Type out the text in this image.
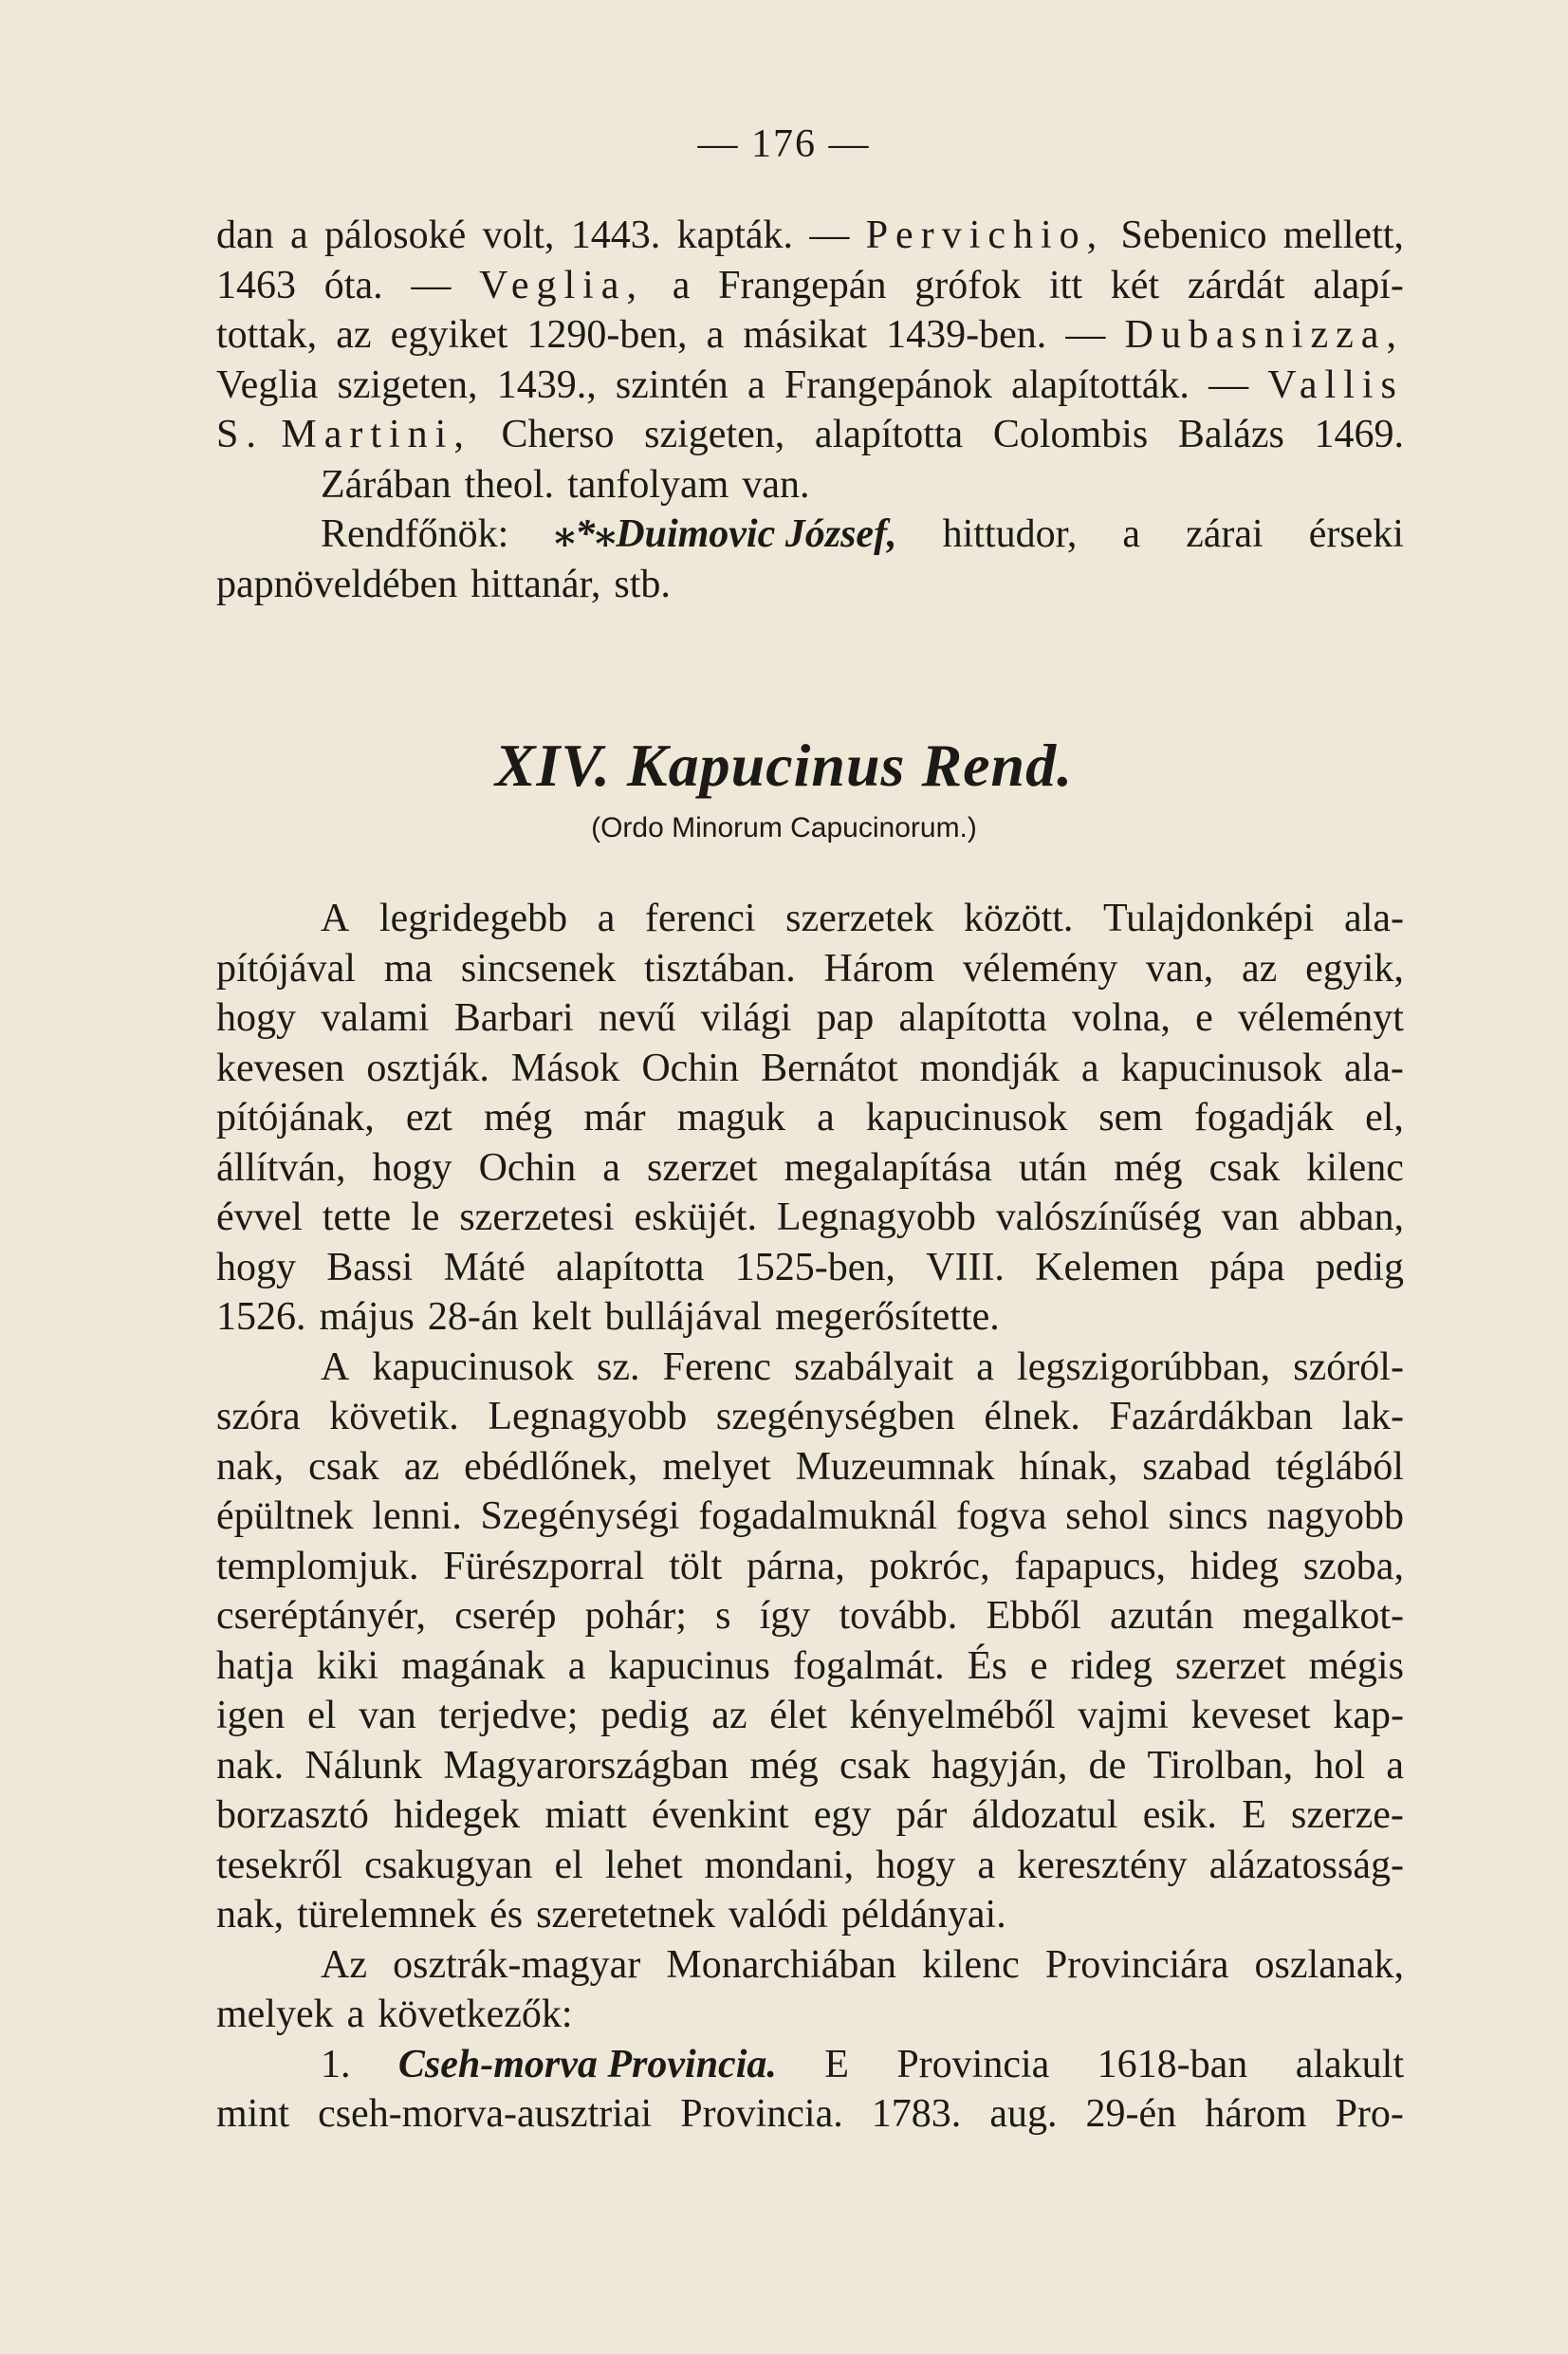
— 176 —
dan a pálosoké volt, 1443. kapták. — Pervichio, Sebenico mellett,
1463 óta. — Veglia, a Frangepán grófok itt két zárdát alapí-
tottak, az egyiket 1290-ben, a másikat 1439-ben. — Dubasnizza,
Veglia szigeten, 1439., szintén a Frangepánok alapították. — Vallis
S. Martini, Cherso szigeten, alapította Colombis Balázs 1469.
Zárában theol. tanfolyam van.
Rendfőnök: ⁎*⁎Duimovic József, hittudor, a zárai érseki
papnöveldében hittanár, stb.
XIV. Kapucinus Rend.
(Ordo Minorum Capucinorum.)
A legridegebb a ferenci szerzetek között. Tulajdonképi ala-
pítójával ma sincsenek tisztában. Három vélemény van, az egyik,
hogy valami Barbari nevű világi pap alapította volna, e véleményt
kevesen osztják. Mások Ochin Bernátot mondják a kapucinusok ala-
pítójának, ezt még már maguk a kapucinusok sem fogadják el,
állítván, hogy Ochin a szerzet megalapítása után még csak kilenc
évvel tette le szerzetesi esküjét. Legnagyobb valószínűség van abban,
hogy Bassi Máté alapította 1525-ben, VIII. Kelemen pápa pedig
1526. május 28-án kelt bullájával megerősítette.
A kapucinusok sz. Ferenc szabályait a legszigorúbban, szóról-
szóra követik. Legnagyobb szegénységben élnek. Fazárdákban lak-
nak, csak az ebédlőnek, melyet Muzeumnak hínak, szabad téglából
épültnek lenni. Szegénységi fogadalmuknál fogva sehol sincs nagyobb
templomjuk. Fürészporral tölt párna, pokróc, fapapucs, hideg szoba,
cseréptányér, cserép pohár; s így tovább. Ebből azután megalkot-
hatja kiki magának a kapucinus fogalmát. És e rideg szerzet mégis
igen el van terjedve; pedig az élet kényelméből vajmi keveset kap-
nak. Nálunk Magyarországban még csak hagyján, de Tirolban, hol a
borzasztó hidegek miatt évenkint egy pár áldozatul esik. E szerze-
tesekről csakugyan el lehet mondani, hogy a keresztény alázatosság-
nak, türelemnek és szeretetnek valódi példányai.
Az osztrák-magyar Monarchiában kilenc Provinciára oszlanak,
melyek a következők:
1. Cseh-morva Provincia. E Provincia 1618-ban alakult
mint cseh-morva-ausztriai Provincia. 1783. aug. 29-én három Pro-
